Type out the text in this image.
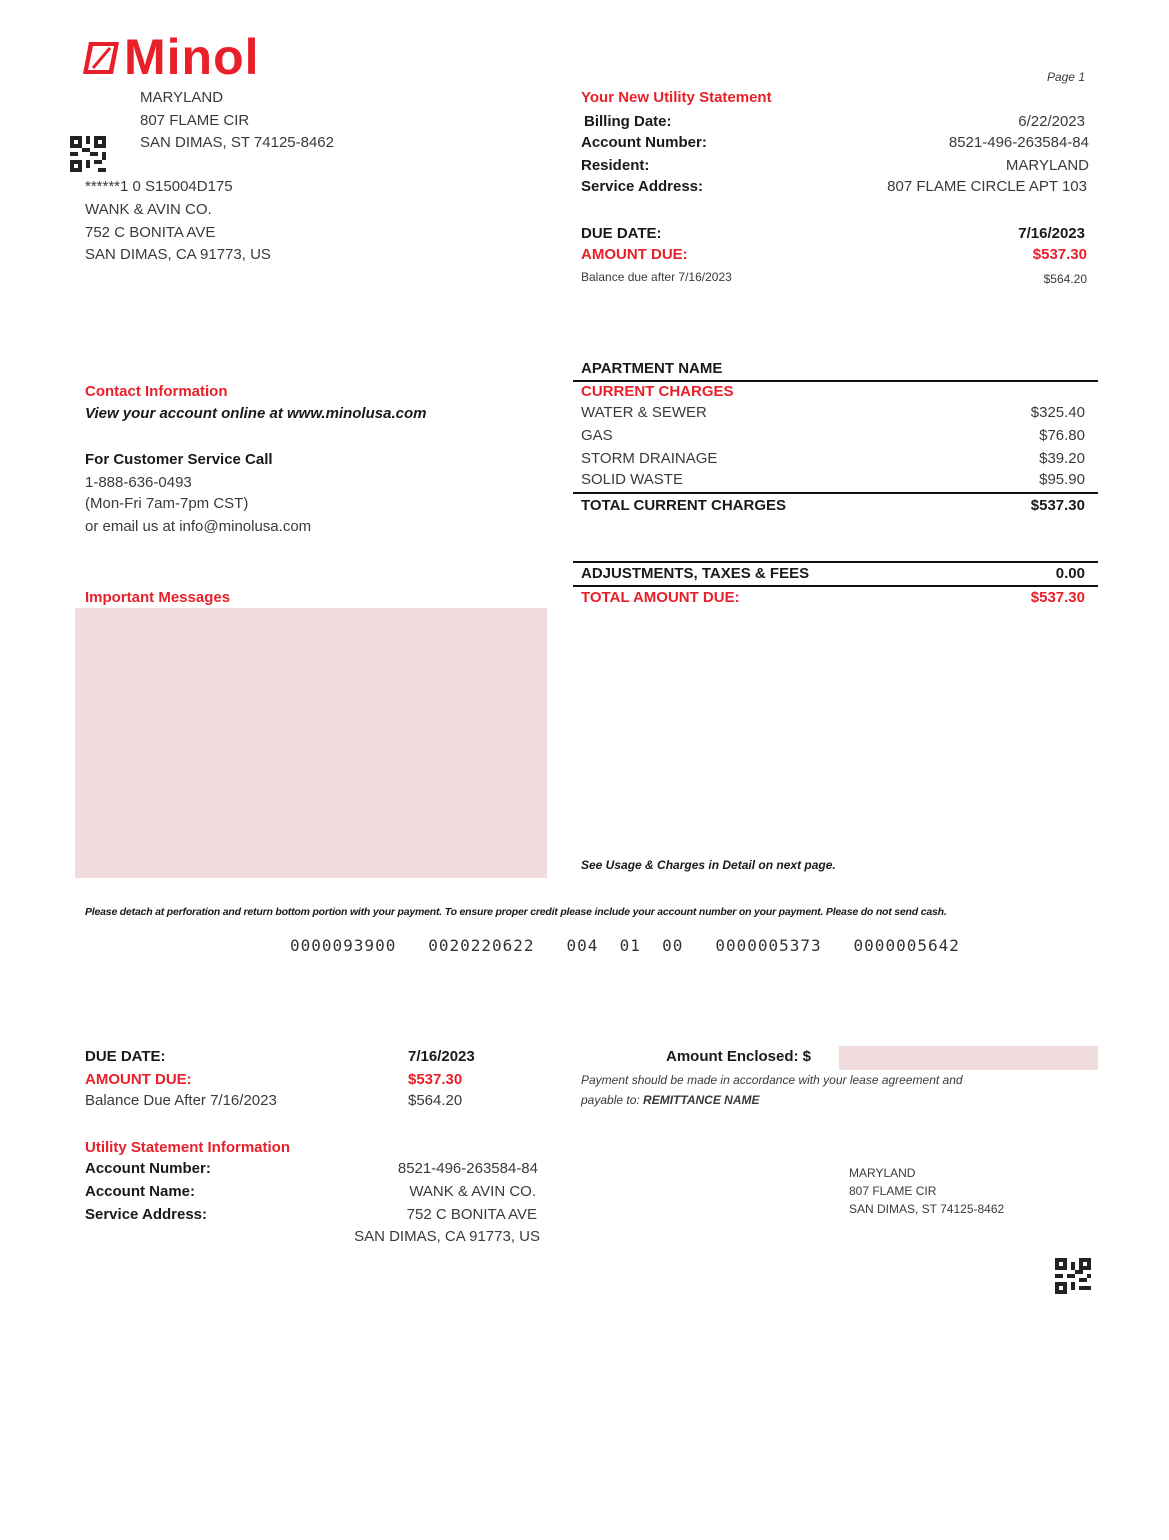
Minol	Page 1
MARYLAND
807 FLAME CIR
SAN DIMAS, ST 74125-8462
******1 0 S15004D175
WANK & AVIN CO.
752 C BONITA AVE
SAN DIMAS, CA 91773, US
Your New Utility Statement
Billing Date:	6/22/2023
Account Number:	8521-496-263584-84
Resident:	MARYLAND
Service Address:	807 FLAME CIRCLE APT 103
DUE DATE:	7/16/2023
AMOUNT DUE:	$537.30
Balance due after 7/16/2023	$564.20
Contact Information
View your account online at www.minolusa.com
For Customer Service Call
1-888-636-0493
(Mon-Fri 7am-7pm CST)
or email us at info@minolusa.com
Important Messages
APARTMENT NAME
CURRENT CHARGES
WATER & SEWER	$325.40
GAS	$76.80
STORM DRAINAGE	$39.20
SOLID WASTE	$95.90
TOTAL CURRENT CHARGES	$537.30
ADJUSTMENTS, TAXES & FEES	0.00
TOTAL AMOUNT DUE:	$537.30
See Usage & Charges in Detail on next page.
Please detach at perforation and return bottom portion with your payment. To ensure proper credit please include your account number on your payment. Please do not send cash.
0000093900   0020220622   004  01  00   0000005373   0000005642
DUE DATE:	7/16/2023
AMOUNT DUE:	$537.30
Balance Due After 7/16/2023	$564.20
Amount Enclosed: $
Payment should be made in accordance with your lease agreement and
payable to: REMITTANCE NAME
Utility Statement Information
Account Number:	8521-496-263584-84
Account Name:	WANK & AVIN CO.
Service Address:	752 C BONITA AVE
SAN DIMAS, CA 91773, US
MARYLAND
807 FLAME CIR
SAN DIMAS, ST 74125-8462
